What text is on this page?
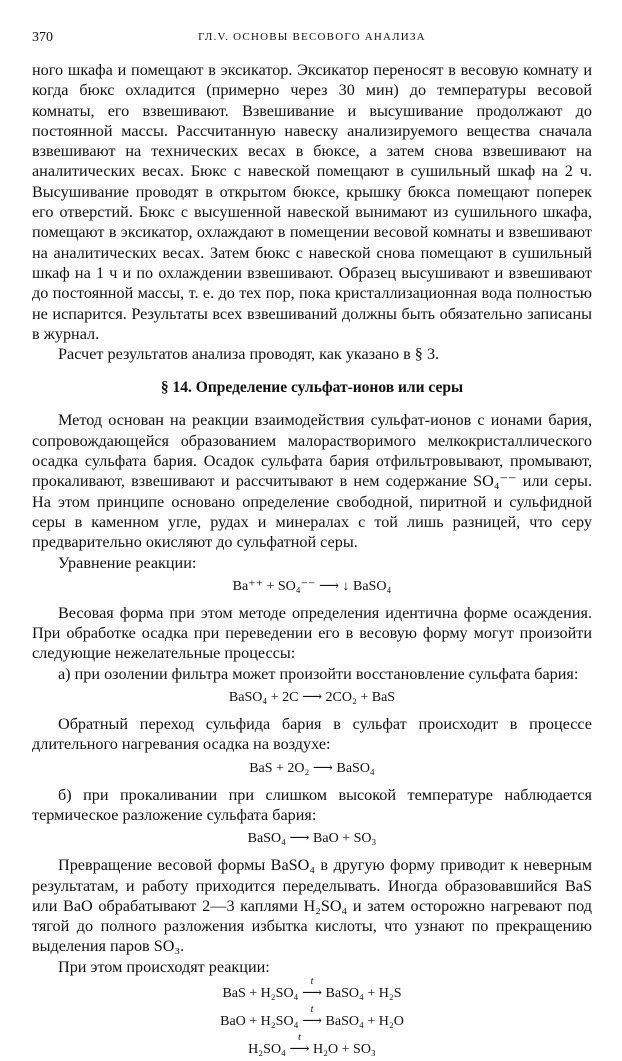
370	ГЛ.V. ОСНОВЫ ВЕСОВОГО АНАЛИЗА

ного шкафа и помещают в эксикатор. Эксикатор переносят в весовую комнату и когда бюкс охладится (примерно через 30 мин) до температуры весовой комнаты, его взвешивают. Взвешивание и высушивание продолжают до постоянной массы. Рассчитанную навеску анализируемого вещества сначала взвешивают на технических весах в бюксе, а затем снова взвешивают на аналитических весах. Бюкс с навеской помещают в сушильный шкаф на 2 ч. Высушивание проводят в открытом бюксе, крышку бюкса помещают поперек его отверстий. Бюкс с высушенной навеской вынимают из сушильного шкафа, помещают в эксикатор, охлаждают в помещении весовой комнаты и взвешивают на аналитических весах. Затем бюкс с навеской снова помещают в сушильный шкаф на 1 ч и по охлаждении взвешивают. Образец высушивают и взвешивают до постоянной массы, т. е. до тех пор, пока кристаллизационная вода полностью не испарится. Результаты всех взвешиваний должны быть обязательно записаны в журнал.

Расчет результатов анализа проводят, как указано в § 3.

§ 14. Определение сульфат-ионов или серы

Метод основан на реакции взаимодействия сульфат-ионов с ионами бария, сопровождающейся образованием малорастворимого мелкокристаллического осадка сульфата бария. Осадок сульфата бария отфильтровывают, промывают, прокаливают, взвешивают и рассчитывают в нем содержание SO₄⁻⁻ или серы. На этом принципе основано определение свободной, пиритной и сульфидной серы в каменном угле, рудах и минералах с той лишь разницей, что серу предварительно окисляют до сульфатной серы.

Уравнение реакции:

Ba⁺⁺ + SO₄⁻⁻ ⟶ ↓ BaSO₄

Весовая форма при этом методе определения идентична форме осаждения. При обработке осадка при переведении его в весовую форму могут произойти следующие нежелательные процессы:

а) при озолении фильтра может произойти восстановление сульфата бария:

BaSO₄ + 2C ⟶ 2CO₂ + BaS

Обратный переход сульфида бария в сульфат происходит в процессе длительного нагревания осадка на воздухе:

BaS + 2O₂ ⟶ BaSO₄

б) при прокаливании при слишком высокой температуре наблюдается термическое разложение сульфата бария:

BaSO₄ ⟶ BaO + SO₃

Превращение весовой формы BaSO₄ в другую форму приводит к неверным результатам, и работу приходится переделывать. Иногда образовавшийся BaS или BaO обрабатывают 2—3 каплями H₂SO₄ и затем осторожно нагревают под тягой до полного разложения избытка кислоты, что узнают по прекращению выделения паров SO₃.

При этом происходят реакции:

BaS + H₂SO₄
t
⟶ BaSO₄ + H₂S
BaO + H₂SO₄
t
⟶ BaSO₄ + H₂O
H₂SO₄
t
⟶ H₂O + SO₃
